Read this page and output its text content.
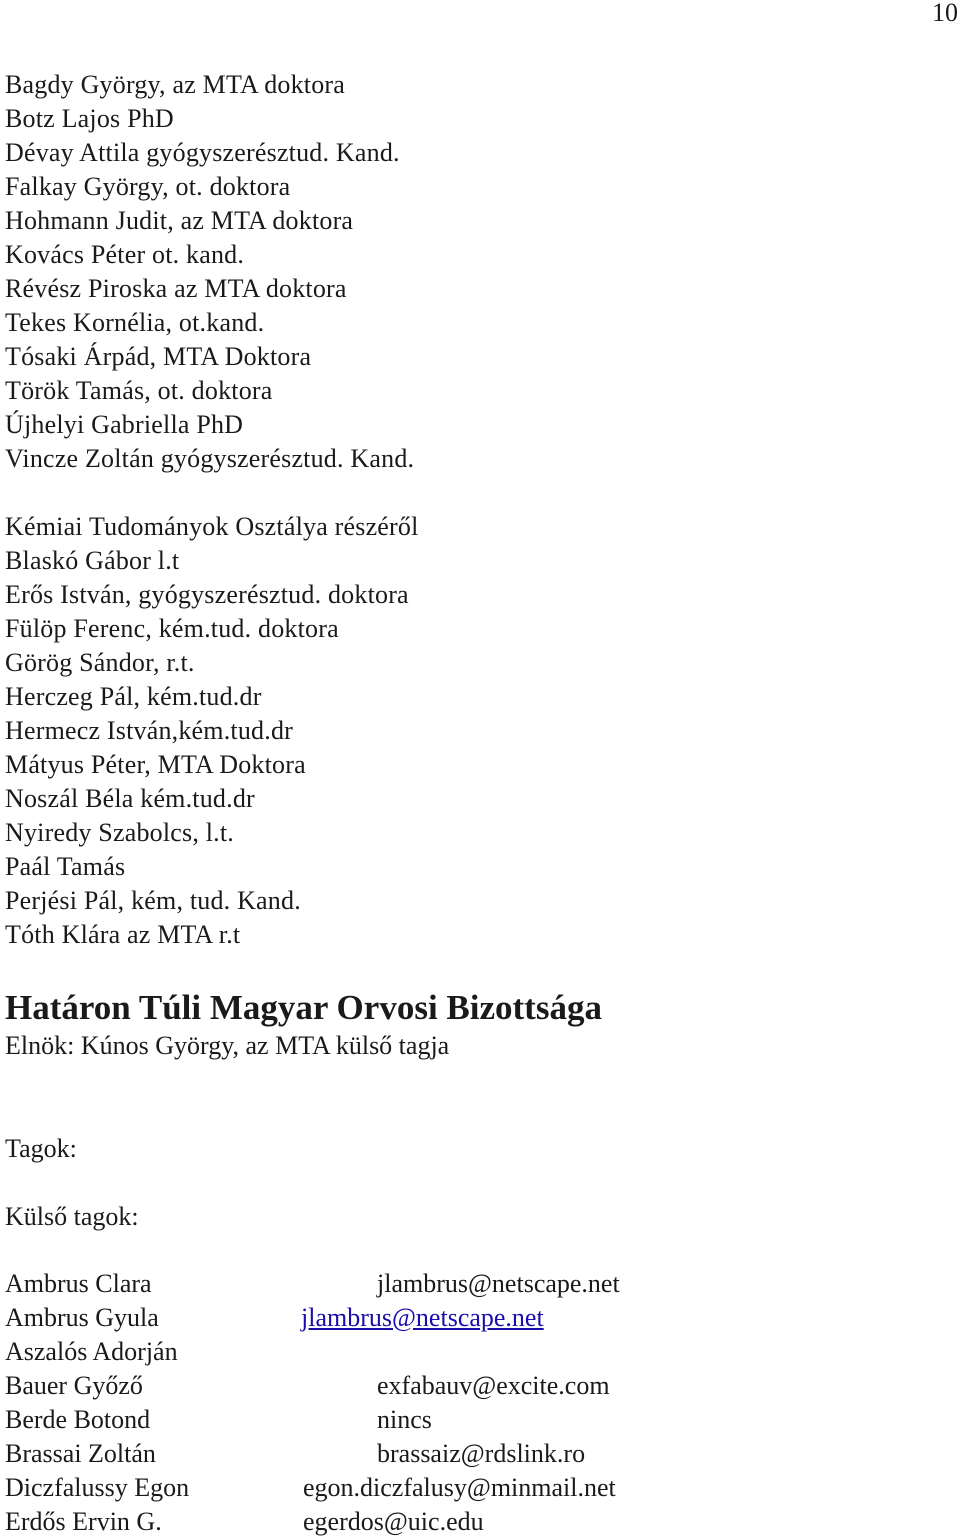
10
Bagdy György, az MTA doktora
Botz Lajos PhD
Dévay Attila gyógyszerésztud. Kand.
Falkay György, ot. doktora
Hohmann Judit, az MTA doktora
Kovács Péter ot. kand.
Révész Piroska az MTA doktora
Tekes Kornélia, ot.kand.
Tósaki Árpád, MTA Doktora
Török Tamás, ot. doktora
Újhelyi Gabriella PhD
Vincze Zoltán gyógyszerésztud. Kand.
Kémiai Tudományok Osztálya részéről
Blaskó Gábor l.t
Erős István, gyógyszerésztud. doktora
Fülöp Ferenc, kém.tud. doktora
Görög Sándor, r.t.
Herczeg Pál, kém.tud.dr
Hermecz István,kém.tud.dr
Mátyus Péter, MTA Doktora
Noszál Béla kém.tud.dr
Nyiredy Szabolcs, l.t.
Paál Tamás
Perjési Pál, kém, tud. Kand.
Tóth Klára az MTA r.t
Határon Túli Magyar Orvosi Bizottsága
Elnök: Kúnos György, az MTA külső tagja
Tagok:
Külső tagok:
Ambrus Clara	jlambrus@netscape.net
Ambrus Gyula	jlambrus@netscape.net
Aszalós Adorján
Bauer Győző	exfabauv@excite.com
Berde Botond	nincs
Brassai Zoltán	brassaiz@rdslink.ro
Diczfalussy Egon	egon.diczfalusy@minmail.net
Erdős Ervin G.	egerdos@uic.edu
